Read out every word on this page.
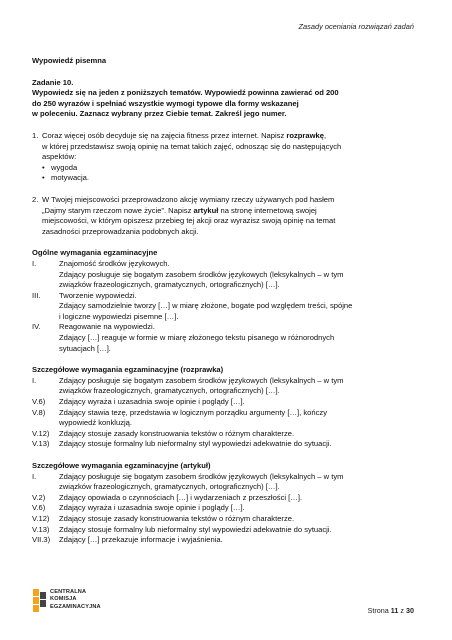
Zasady oceniania rozwiązań zadań

Wypowiedź pisemna

Zadanie 10.

Wypowiedz się na jeden z poniższych tematów. Wypowiedź powinna zawierać od 200

do 250 wyrazów i spełniać wszystkie wymogi typowe dla formy wskazanej

w poleceniu. Zaznacz wybrany przez Ciebie temat. Zakreśl jego numer.

1. Coraz więcej osób decyduje się na zajęcia fitness przez internet. Napisz rozprawkę,

w której przedstawisz swoją opinię na temat takich zajęć, odnosząc się do następujących

aspektów:

• wygoda
• motywacja.
2. W Twojej miejscowości przeprowadzono akcję wymiany rzeczy używanych pod hasłem

„Dajmy starym rzeczom nowe życie”. Napisz artykuł na stronę internetową swojej

miejscowości, w którym opiszesz przebieg tej akcji oraz wyrazisz swoją opinię na temat

zasadności przeprowadzania podobnych akcji.

Ogólne wymagania egzaminacyjne

I.	Znajomość środków językowych.

Zdający posługuje się bogatym zasobem środków językowych (leksykalnych – w tym

związków frazeologicznych, gramatycznych, ortograficznych) […].

III.	Tworzenie wypowiedzi.

Zdający samodzielnie tworzy […] w miarę złożone, bogate pod względem treści, spójne

i logiczne wypowiedzi pisemne […].

IV.	Reagowanie na wypowiedzi.

Zdający […] reaguje w formie w miarę złożonego tekstu pisanego w różnorodnych

sytuacjach […].

Szczegółowe wymagania egzaminacyjne (rozprawka)

I.	Zdający posługuje się bogatym zasobem środków językowych (leksykalnych – w tym

związków frazeologicznych, gramatycznych, ortograficznych) […].

V.6)	Zdający wyraża i uzasadnia swoje opinie i poglądy […].

V.8)	Zdający stawia tezę, przedstawia w logicznym porządku argumenty […], kończy

wypowiedź konkluzją.

V.12)	Zdający stosuje zasady konstruowania tekstów o różnym charakterze.

V.13)	Zdający stosuje formalny lub nieformalny styl wypowiedzi adekwatnie do sytuacji.

Szczegółowe wymagania egzaminacyjne (artykuł)

I.	Zdający posługuje się bogatym zasobem środków językowych (leksykalnych – w tym

związków frazeologicznych, gramatycznych, ortograficznych) […].

V.2)	Zdający opowiada o czynnościach […] i wydarzeniach z przeszłości […].

V.6)	Zdający wyraża i uzasadnia swoje opinie i poglądy […].

V.12)	Zdający stosuje zasady konstruowania tekstów o różnym charakterze.

V.13)	Zdający stosuje formalny lub nieformalny styl wypowiedzi adekwatnie do sytuacji.

VII.3)	Zdający […] przekazuje informacje i wyjaśnienia.

CENTRALNA
KOMISJA
EGZAMINACYJNA	Strona 11 z 30
